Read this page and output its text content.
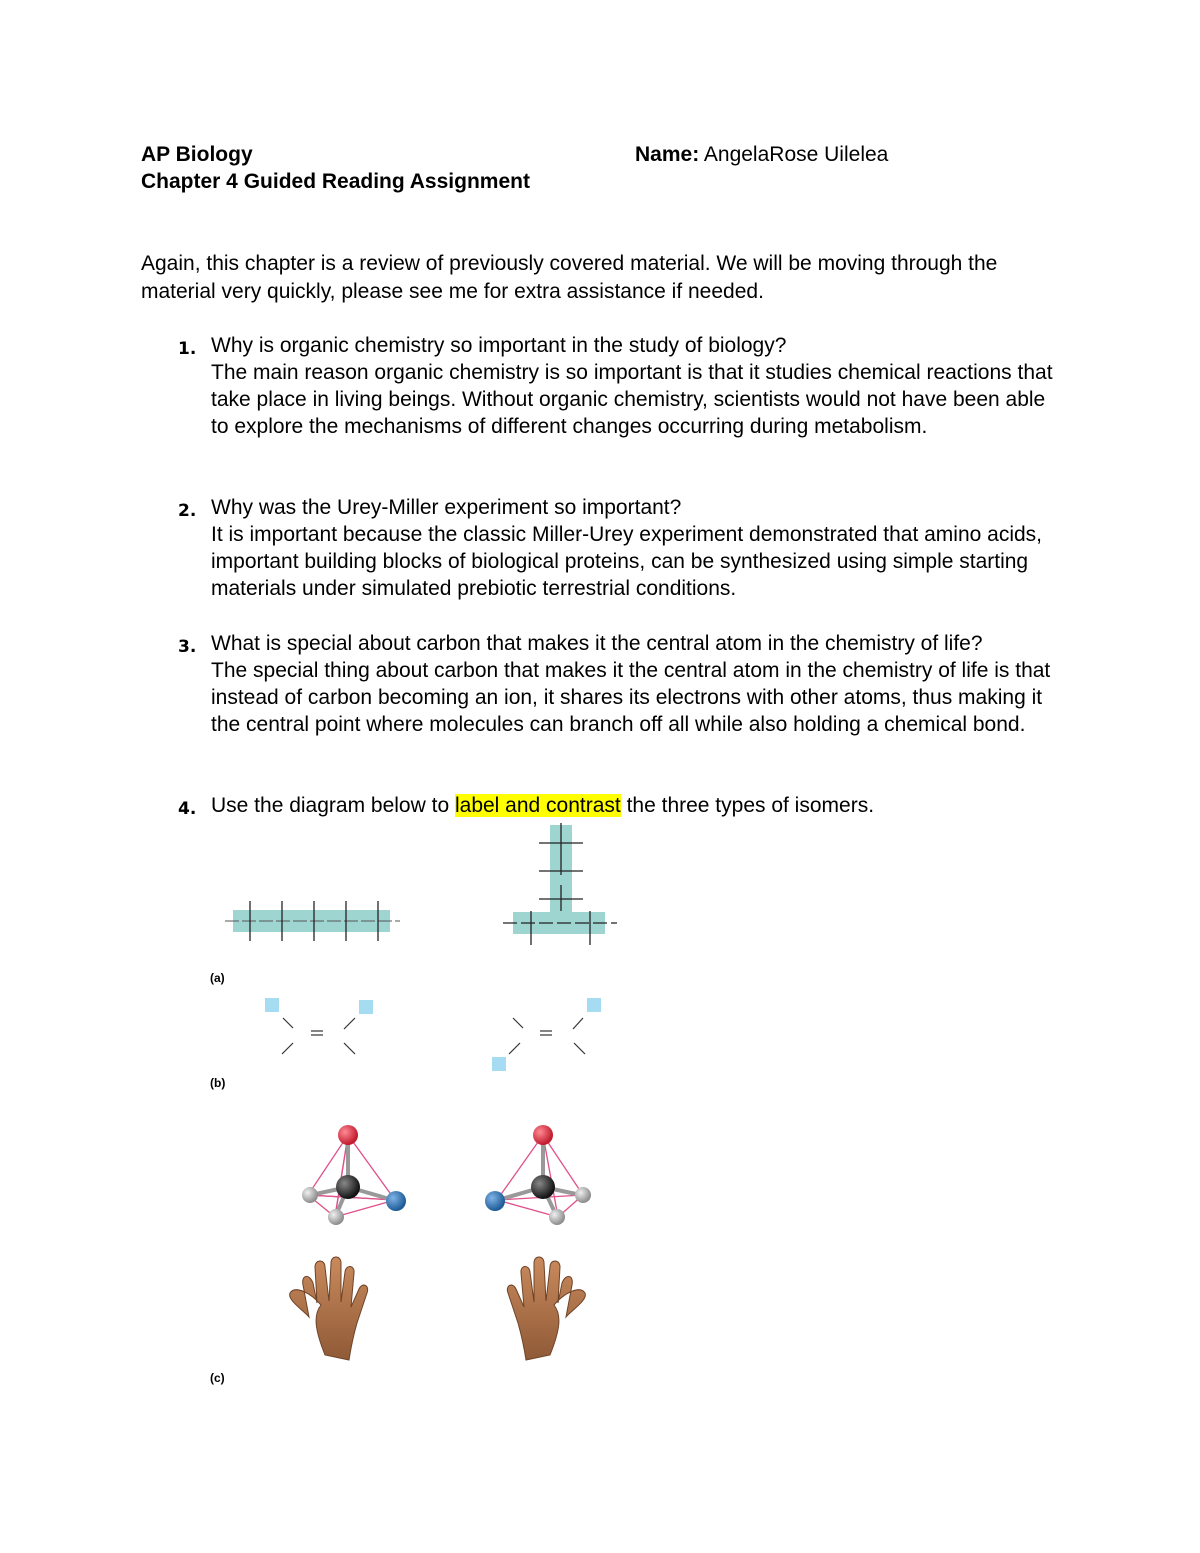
AP Biology
Chapter 4 Guided Reading Assignment
Name: AngelaRose Uilelea
Again, this chapter is a review of previously covered material. We will be moving through the material very quickly, please see me for extra assistance if needed.
1. Why is organic chemistry so important in the study of biology?
The main reason organic chemistry is so important is that it studies chemical reactions that take place in living beings. Without organic chemistry, scientists would not have been able to explore the mechanisms of different changes occurring during metabolism.
2. Why was the Urey-Miller experiment so important?
It is important because the classic Miller-Urey experiment demonstrated that amino acids, important building blocks of biological proteins, can be synthesized using simple starting materials under simulated prebiotic terrestrial conditions.
3. What is special about carbon that makes it the central atom in the chemistry of life?
The special thing about carbon that makes it the central atom in the chemistry of life is that instead of carbon becoming an ion, it shares its electrons with other atoms, thus making it the central point where molecules can branch off all while also holding a chemical bond.
4. Use the diagram below to label and contrast the three types of isomers.
(a)
(b)
(c)
